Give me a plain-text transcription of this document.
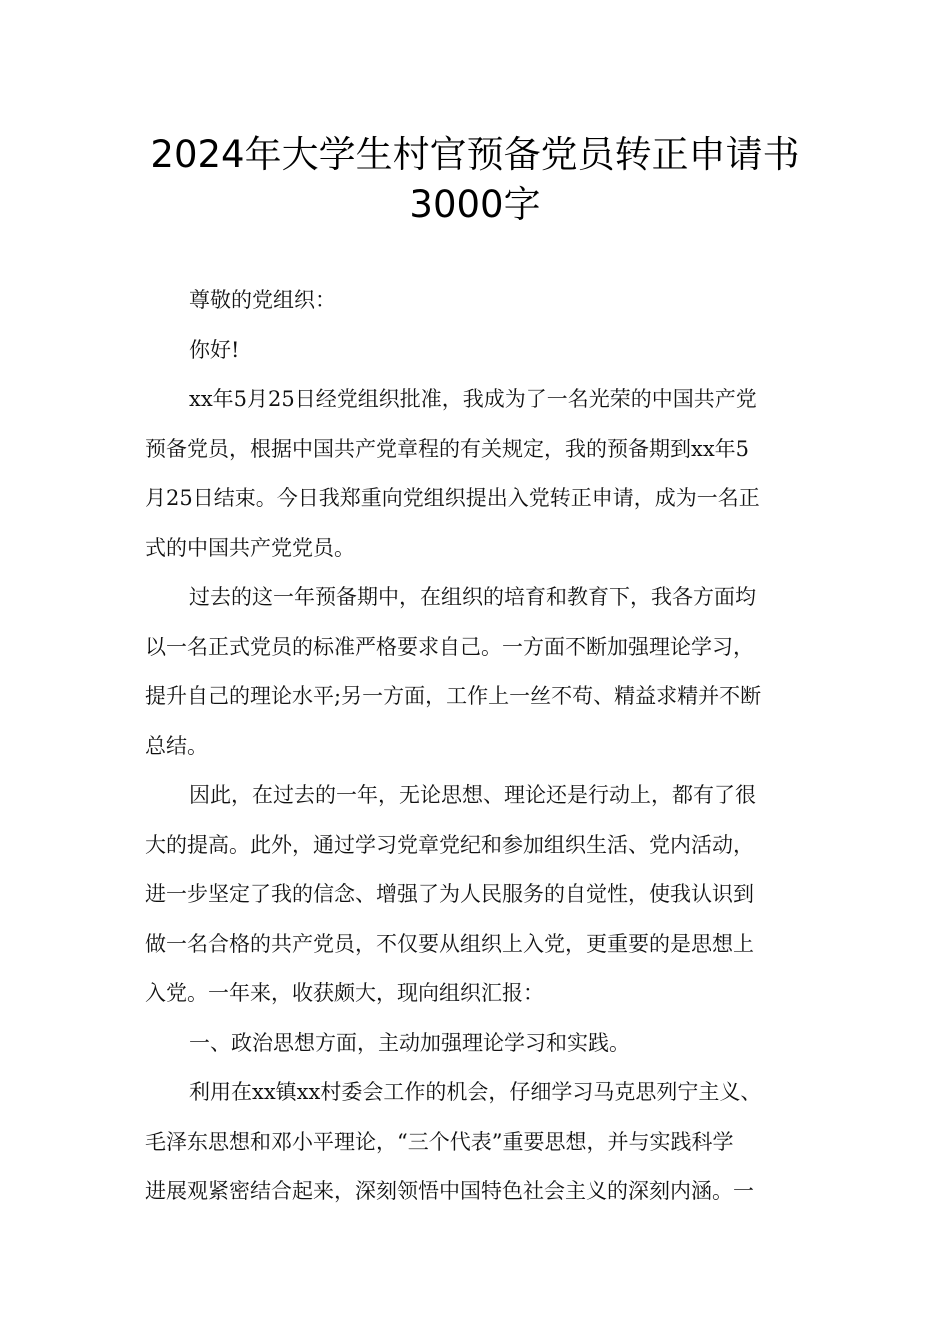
2024年大学生村官预备党员转正申请书
3000字
尊敬的党组织：
你好!
xx年5月25日经党组织批准，我成为了一名光荣的中国共产党
预备党员，根据中国共产党章程的有关规定，我的预备期到xx年5
月25日结束。今日我郑重向党组织提出入党转正申请，成为一名正
式的中国共产党党员。
过去的这一年预备期中，在组织的培育和教育下，我各方面均
以一名正式党员的标准严格要求自己。一方面不断加强理论学习，
提升自己的理论水平;另一方面，工作上一丝不苟、精益求精并不断
总结。
因此，在过去的一年，无论思想、理论还是行动上，都有了很
大的提高。此外，通过学习党章党纪和参加组织生活、党内活动，
进一步坚定了我的信念、增强了为人民服务的自觉性，使我认识到
做一名合格的共产党员，不仅要从组织上入党，更重要的是思想上
入党。一年来，收获颇大，现向组织汇报：
一、政治思想方面，主动加强理论学习和实践。
利用在xx镇xx村委会工作的机会，仔细学习马克思列宁主义、
毛泽东思想和邓小平理论，“三个代表”重要思想，并与实践科学
进展观紧密结合起来，深刻领悟中国特色社会主义的深刻内涵。一
